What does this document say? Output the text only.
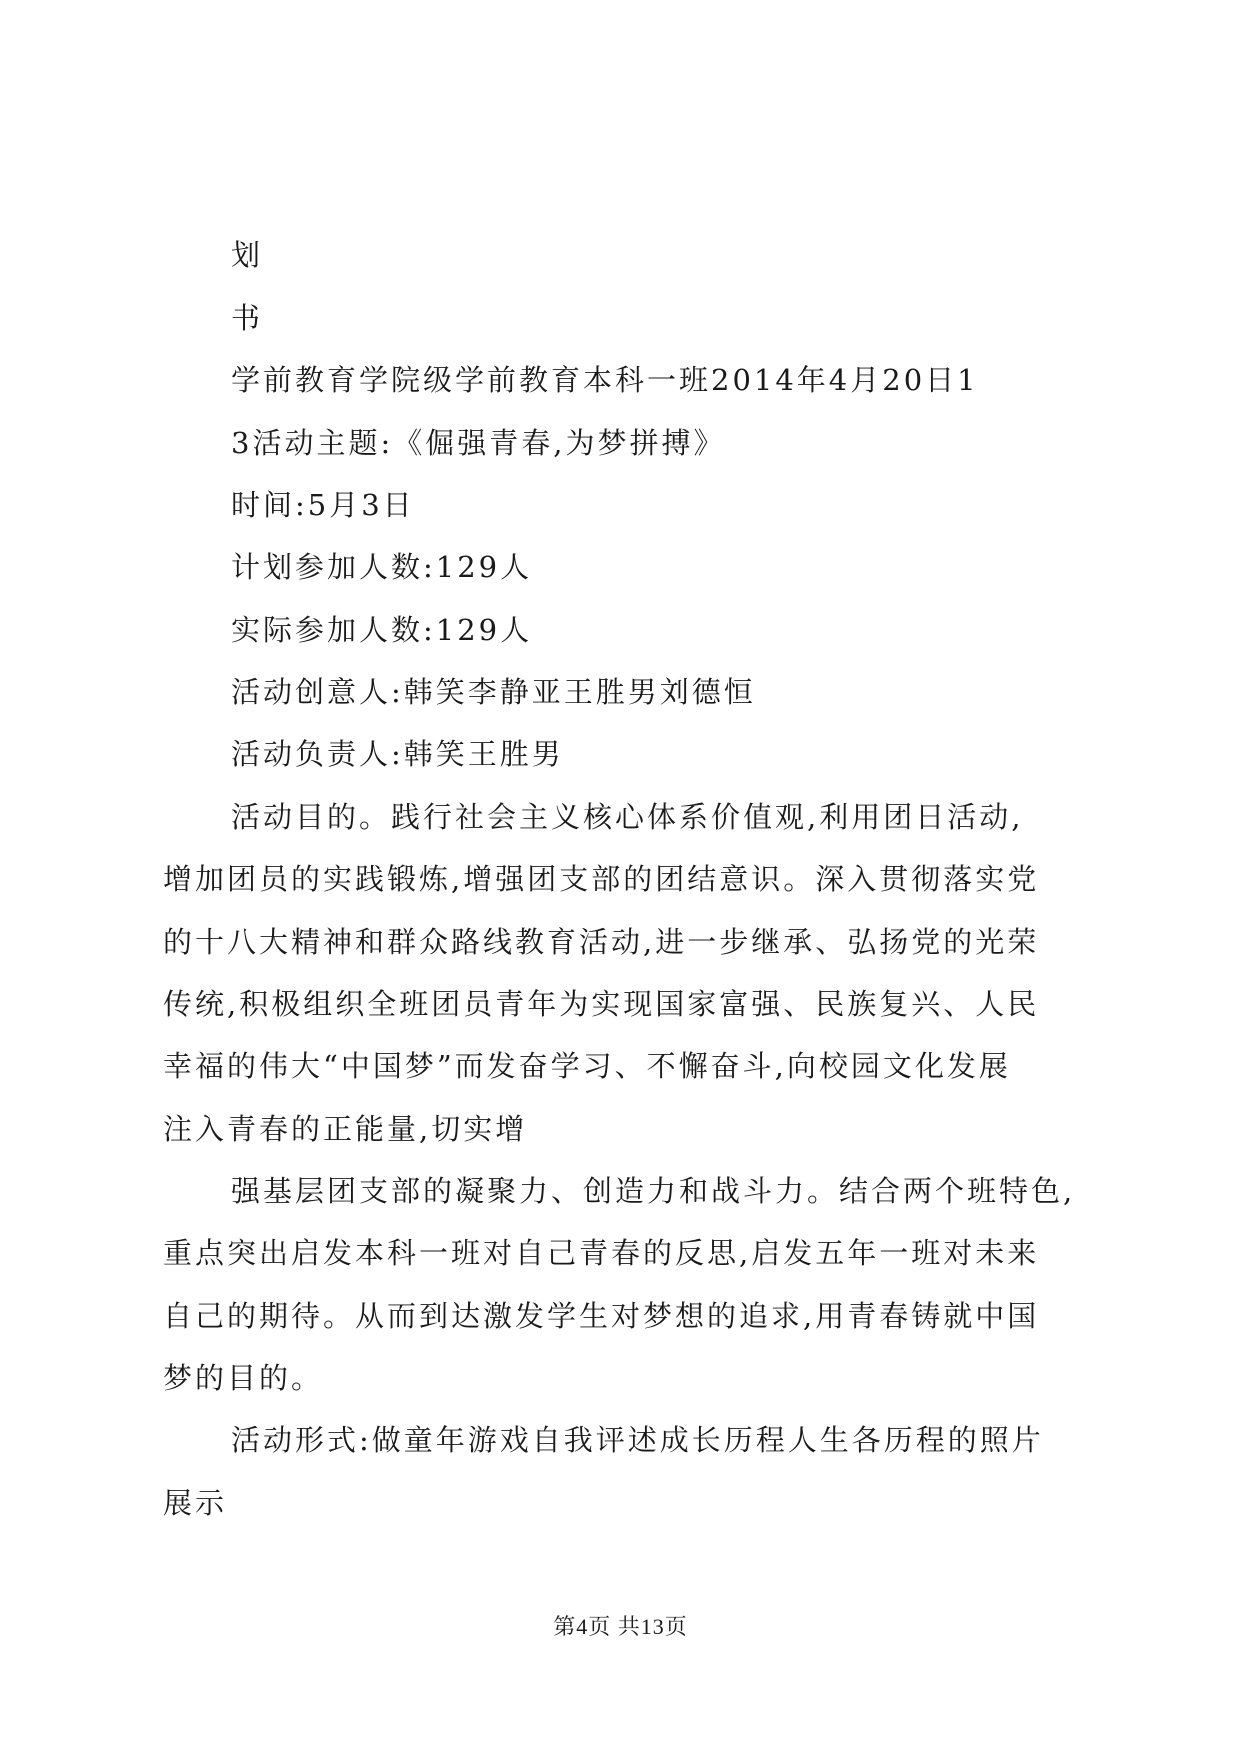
划
书
学前教育学院级学前教育本科一班2014年4月20日1
3活动主题:《倔强青春,为梦拼搏》
时间:5月3日
计划参加人数:129人
实际参加人数:129人
活动创意人:韩笑李静亚王胜男刘德恒
活动负责人:韩笑王胜男
活动目的。践行社会主义核心体系价值观,利用团日活动,
增加团员的实践锻炼,增强团支部的团结意识。深入贯彻落实党
的十八大精神和群众路线教育活动,进一步继承、弘扬党的光荣
传统,积极组织全班团员青年为实现国家富强、民族复兴、人民
幸福的伟大“中国梦”而发奋学习、不懈奋斗,向校园文化发展
注入青春的正能量,切实增
强基层团支部的凝聚力、创造力和战斗力。结合两个班特色,
重点突出启发本科一班对自己青春的反思,启发五年一班对未来
自己的期待。从而到达激发学生对梦想的追求,用青春铸就中国
梦的目的。
活动形式:做童年游戏自我评述成长历程人生各历程的照片
展示
第4页 共13页
